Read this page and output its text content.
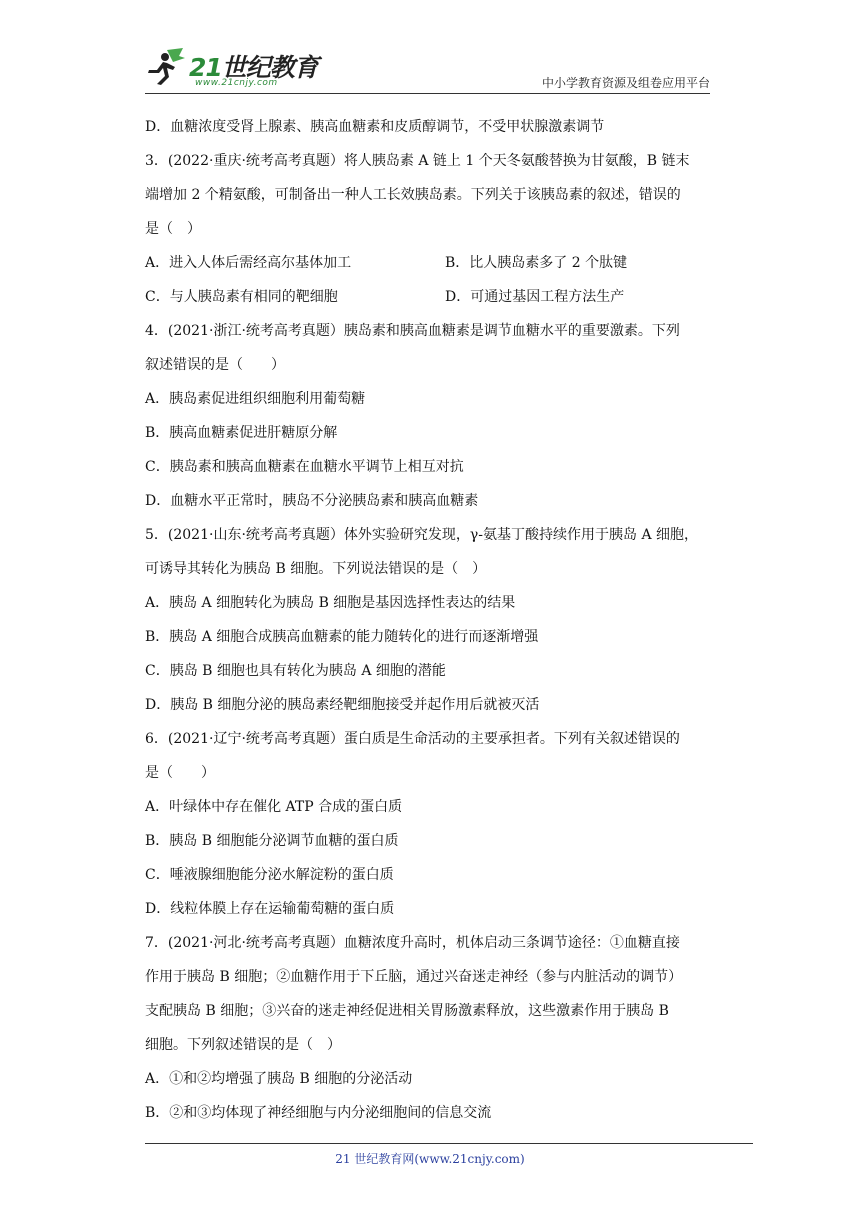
21世纪教育
www.21cnjy.com	中小学教育资源及组卷应用平台
D．血糖浓度受肾上腺素、胰高血糖素和皮质醇调节，不受甲状腺激素调节
3．(2022·重庆·统考高考真题）将人胰岛素 A 链上 1 个天冬氨酸替换为甘氨酸，B 链末
端增加 2 个精氨酸，可制备出一种人工长效胰岛素。下列关于该胰岛素的叙述，错误的
是（　）
A．进入人体后需经高尔基体加工	B．比人胰岛素多了 2 个肽键
C．与人胰岛素有相同的靶细胞	D．可通过基因工程方法生产
4．(2021·浙江·统考高考真题）胰岛素和胰高血糖素是调节血糖水平的重要激素。下列
叙述错误的是（　　）
A．胰岛素促进组织细胞利用葡萄糖
B．胰高血糖素促进肝糖原分解
C．胰岛素和胰高血糖素在血糖水平调节上相互对抗
D．血糖水平正常时，胰岛不分泌胰岛素和胰高血糖素
5．(2021·山东·统考高考真题）体外实验研究发现，γ-氨基丁酸持续作用于胰岛 A 细胞，
可诱导其转化为胰岛 B 细胞。下列说法错误的是（　）
A．胰岛 A 细胞转化为胰岛 B 细胞是基因选择性表达的结果
B．胰岛 A 细胞合成胰高血糖素的能力随转化的进行而逐渐增强
C．胰岛 B 细胞也具有转化为胰岛 A 细胞的潜能
D．胰岛 B 细胞分泌的胰岛素经靶细胞接受并起作用后就被灭活
6．(2021·辽宁·统考高考真题）蛋白质是生命活动的主要承担者。下列有关叙述错误的
是（　　）
A．叶绿体中存在催化 ATP 合成的蛋白质
B．胰岛 B 细胞能分泌调节血糖的蛋白质
C．唾液腺细胞能分泌水解淀粉的蛋白质
D．线粒体膜上存在运输葡萄糖的蛋白质
7．(2021·河北·统考高考真题）血糖浓度升高时，机体启动三条调节途径：①血糖直接
作用于胰岛 B 细胞；②血糖作用于下丘脑，通过兴奋迷走神经（参与内脏活动的调节）
支配胰岛 B 细胞；③兴奋的迷走神经促进相关胃肠激素释放，这些激素作用于胰岛 B
细胞。下列叙述错误的是（　）
A．①和②均增强了胰岛 B 细胞的分泌活动
B．②和③均体现了神经细胞与内分泌细胞间的信息交流
21 世纪教育网(www.21cnjy.com)
